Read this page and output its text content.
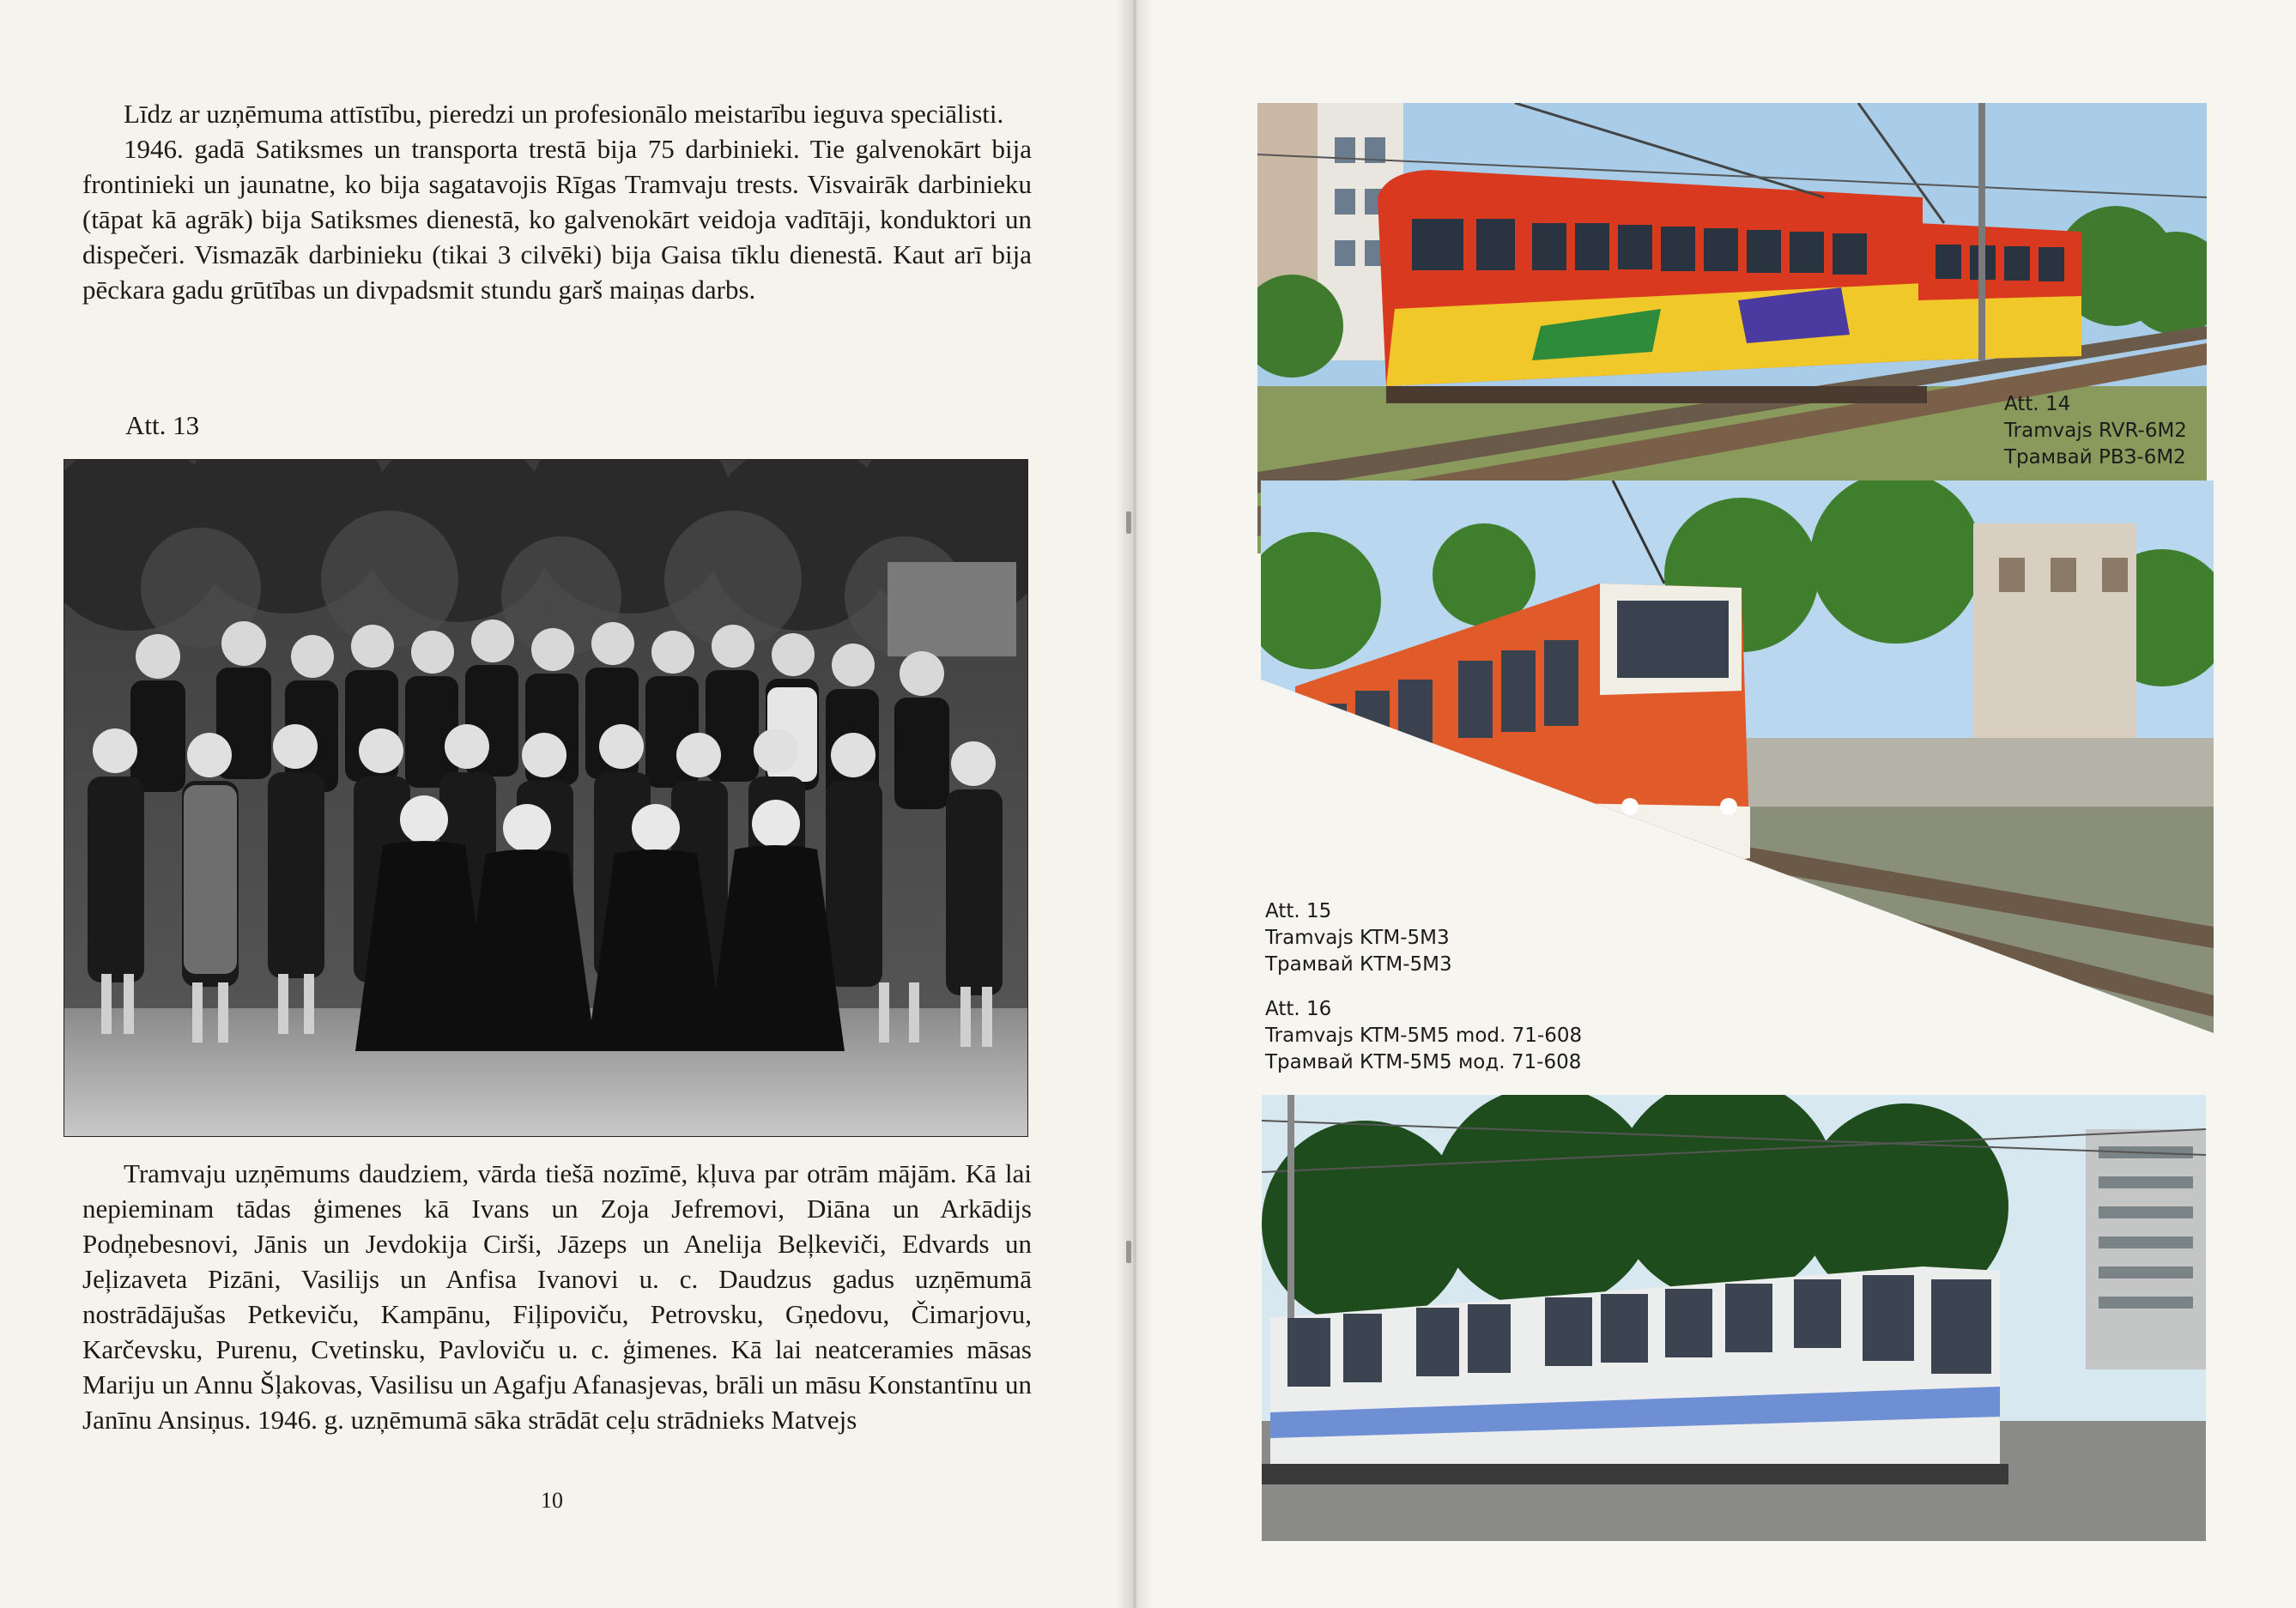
Līdz ar uzņēmuma attīstību, pieredzi un profesionālo meistarību ieguva speciālisti.

1946. gadā Satiksmes un transporta trestā bija 75 darbinieki. Tie galvenokārt bija frontinieki un jaunatne, ko bija sagatavojis Rīgas Tramvaju trests. Visvairāk darbinieku (tāpat kā agrāk) bija Satiksmes dienestā, ko galvenokārt veidoja vadītāji, konduktori un dispečeri. Vismazāk darbinieku (tikai 3 cilvēki) bija Gaisa tīklu dienestā. Kaut arī bija pēckara gadu grūtības un divpadsmit stundu garš maiņas darbs.

Att. 13

Tramvaju uzņēmums daudziem, vārda tiešā nozīmē, kļuva par otrām mājām. Kā lai nepieminam tādas ģimenes kā Ivans un Zoja Jefremovi, Diāna un Arkādijs Podņebesnovi, Jānis un Jevdokija Cirši, Jāzeps un Anelija Beļkeviči, Edvards un Jeļizaveta Pizāni, Vasilijs un Anfisa Ivanovi u. c. Daudzus gadus uzņēmumā nostrādājušas Petkeviču, Kampānu, Fiļipoviču, Petrovsku, Gņedovu, Čimarjovu, Karčevsku, Purenu, Cvetinsku, Pavloviču u. c. ģimenes. Kā lai neatceramies māsas Mariju un Annu Šļakovas, Vasilisu un Agafju Afanasjevas, brāli un māsu Konstantīnu un Janīnu Ansiņus. 1946. g. uzņēmumā sāka strādāt ceļu strādnieks Matvejs

10
Att. 14
Tramvajs RVR-6M2
Трамвай РВЗ-6М2
Att. 15
Tramvajs KTM-5M3
Трамвай КТМ-5М3
Att. 16
Tramvajs KTM-5M5 mod. 71-608
Трамвай КТМ-5М5 мод. 71-608
